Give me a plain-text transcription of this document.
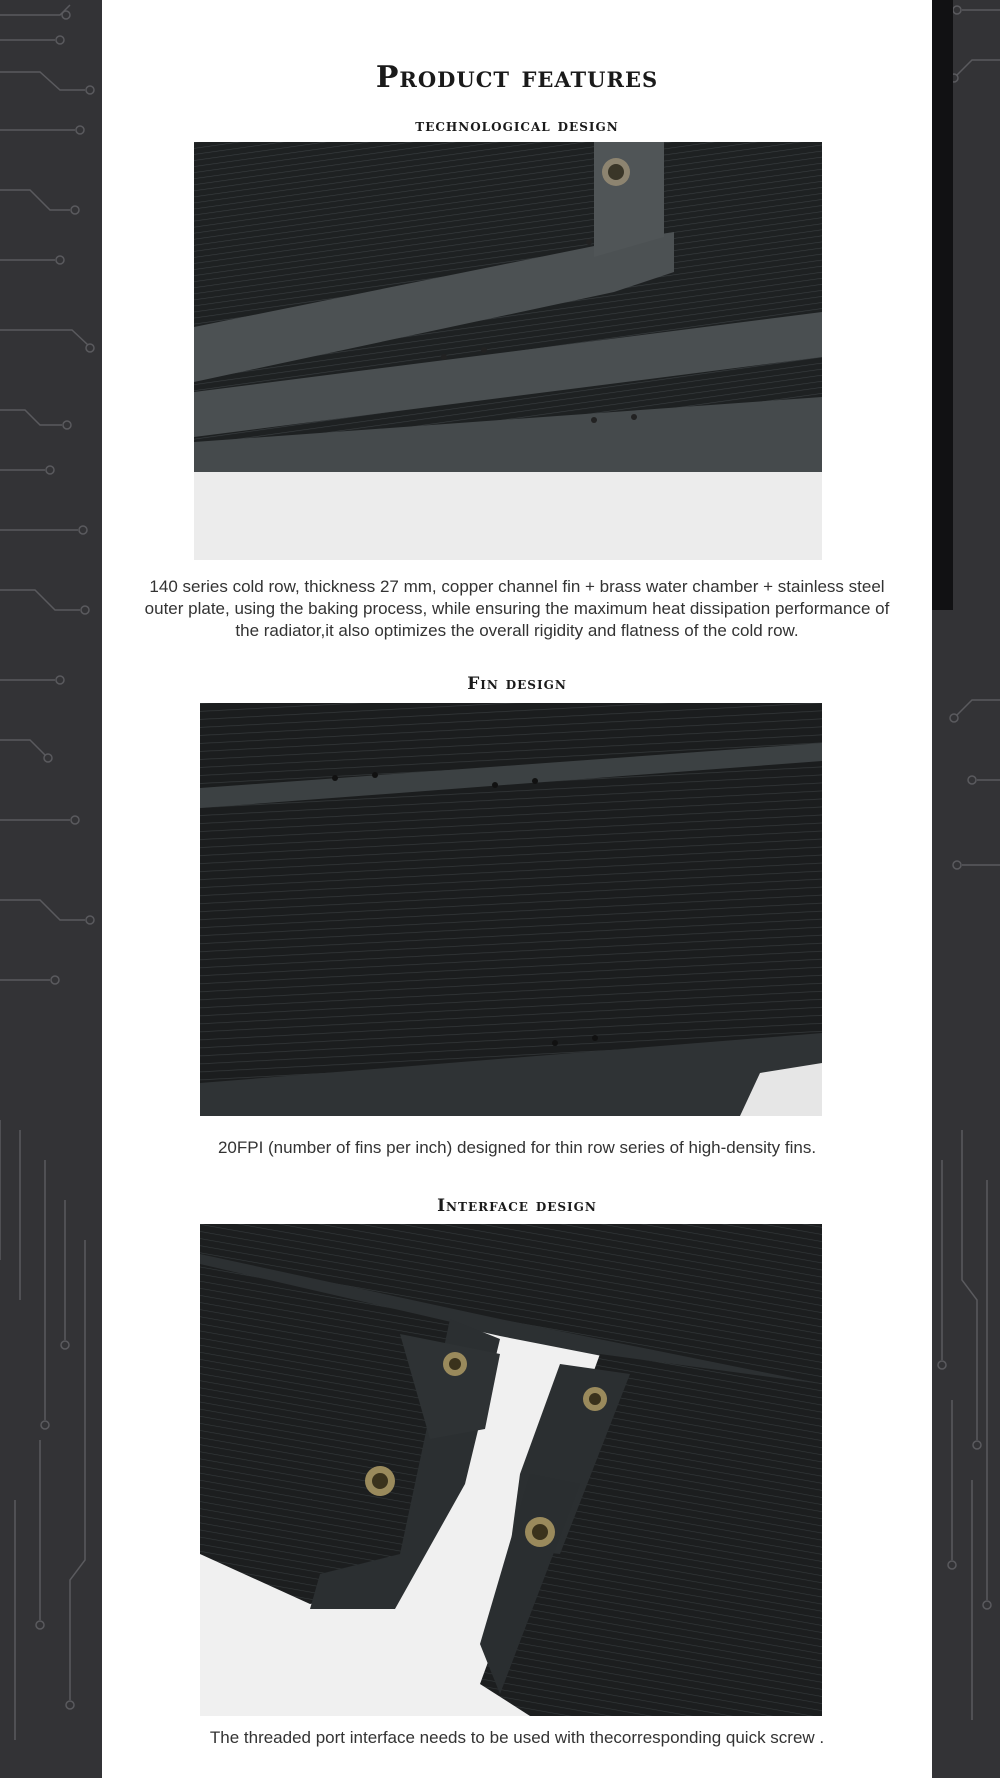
Product features
technological design
140 series cold row, thickness 27 mm, copper channel fin + brass water chamber + stainless steel outer plate, using the baking process, while ensuring the maximum heat dissipation performance of the radiator,it also optimizes the overall rigidity and flatness of the cold row.
Fin design
20FPI (number of fins per inch) designed for thin row series of high-density fins.
Interface design
The threaded port interface needs to be used with thecorresponding quick screw .
